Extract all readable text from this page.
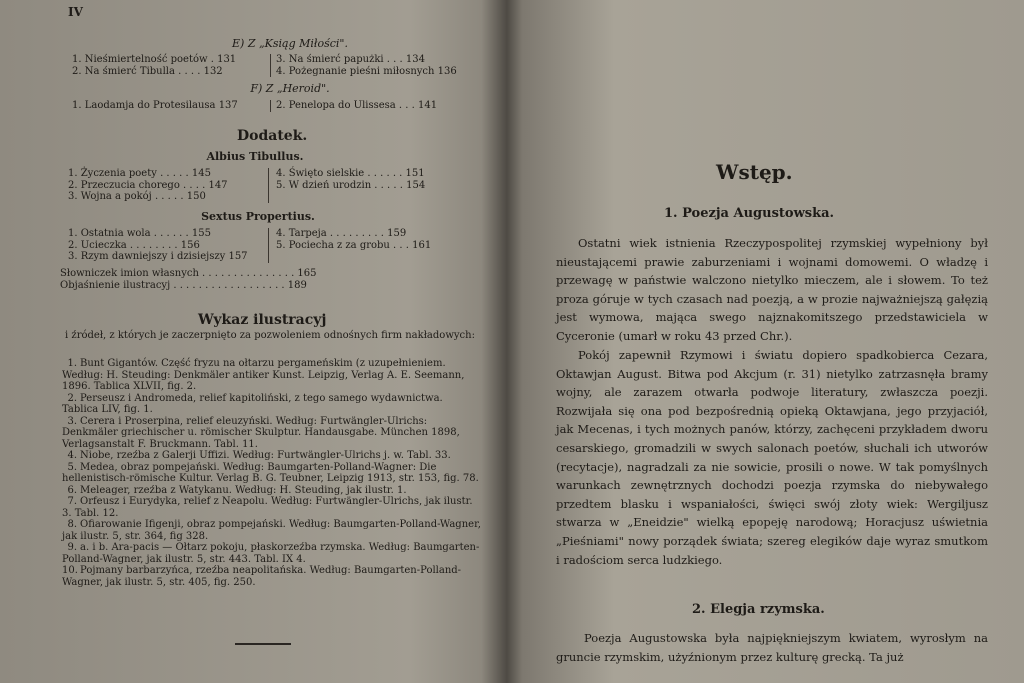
IV
E) Z „Ksiąg Miłości".
1. Nieśmiertelność poetów . 131
2. Na śmierć Tibulla . . . . 132
3. Na śmierć papużki . . . 134
4. Pożegnanie pieśni miłosnych 136
F) Z „Heroid".
1. Laodamja do Protesilausa 137	2. Penelopa do Ulissesa . . . 141
Dodatek.
Albius Tibullus.
1. Życzenia poety . . . . . 145
2. Przeczucia chorego . . . . 147
3. Wojna a pokój . . . . . 150
4. Święto sielskie . . . . . . 151
5. W dzień urodzin . . . . . 154
Sextus Propertius.
1. Ostatnia wola . . . . . . 155
2. Ucieczka . . . . . . . . 156
3. Rzym dawniejszy i dzisiejszy 157
4. Tarpeja . . . . . . . . . 159
5. Pociecha z za grobu . . . 161
Słowniczek imion własnych . . . . . . . . . . . . . . . 165
Objaśnienie ilustracyj . . . . . . . . . . . . . . . . . . 189
Wykaz ilustracyj
i źródeł, z których je zaczerpnięto za pozwoleniem odnośnych firm nakładowych:
1. Bunt Gigantów. Część fryzu na ołtarzu pergameńskim (z uzupełnieniem. Według: H. Steuding: Denkmäler antiker Kunst. Leipzig, Verlag A. E. Seemann, 1896. Tablica XLVII, fig. 2.
2. Perseusz i Andromeda, relief kapitoliński, z tego samego wydawnictwa. Tablica LIV, fig. 1.
3. Cerera i Proserpina, relief eleuzyński. Według: Furtwängler-Ulrichs: Denkmäler griechischer u. römischer Skulptur. Handausgabe. München 1898, Verlagsanstalt F. Bruckmann. Tabl. 11.
4. Niobe, rzeźba z Galerji Uffizi. Według: Furtwängler-Ulrichs j. w. Tabl. 33.
5. Medea, obraz pompejański. Według: Baumgarten-Polland-Wagner: Die hellenistisch-römische Kultur. Verlag B. G. Teubner, Leipzig 1913, str. 153, fig. 78.
6. Meleager, rzeźba z Watykanu. Według: H. Steuding, jak ilustr. 1.
7. Orfeusz i Eurydyka, relief z Neapolu. Według: Furtwängler-Ulrichs, jak ilustr. 3. Tabl. 12.
8. Ofiarowanie Ifigenji, obraz pompejański. Według: Baumgarten-Polland-Wagner, jak ilustr. 5, str. 364, fig 328.
9. a. i b. Ara-pacis — Ołtarz pokoju, płaskorzeźba rzymska. Według: Baumgarten-Polland-Wagner, jak ilustr. 5, str. 443. Tabl. IX 4.
10. Pojmany barbarzyńca, rzeźba neapolitańska. Według: Baumgarten-Polland-Wagner, jak ilustr. 5, str. 405, fig. 250.
Wstęp.
1. Poezja Augustowska.
Ostatni wiek istnienia Rzeczypospolitej rzymskiej wypełniony był nieustającemi prawie zaburzeniami i wojnami domowemi. O władzę i przewagę w państwie walczono nietylko mieczem, ale i słowem. To też proza góruje w tych czasach nad poezją, a w prozie najważniejszą gałęzią jest wymowa, mająca swego najznakomitszego przedstawiciela w Cyceronie (umarł w roku 43 przed Chr.).
Pokój zapewnił Rzymowi i światu dopiero spadkobierca Cezara, Oktawjan August. Bitwa pod Akcjum (r. 31) nietylko zatrzasnęła bramy wojny, ale zarazem otwarła podwoje literatury, zwłaszcza poezji. Rozwijała się ona pod bezpośrednią opieką Oktawjana, jego przyjaciół, jak Mecenas, i tych możnych panów, którzy, zachęceni przykładem dworu cesarskiego, gromadzili w swych salonach poetów, słuchali ich utworów (recytacje), nagradzali za nie sowicie, prosili o nowe. W tak pomyślnych warunkach zewnętrznych dochodzi poezja rzymska do niebywałego przedtem blasku i wspaniałości, święci swój złoty wiek: Wergiljusz stwarza w „Eneidzie" wielką epopeję narodową; Horacjusz uświetnia „Pieśniami" nowy porządek świata; szereg elegików daje wyraz smutkom i radościom serca ludzkiego.
2. Elegja rzymska.
Poezja Augustowska była najpiękniejszym kwiatem, wyrosłym na gruncie rzymskim, użyźnionym przez kulturę grecką. Ta już
